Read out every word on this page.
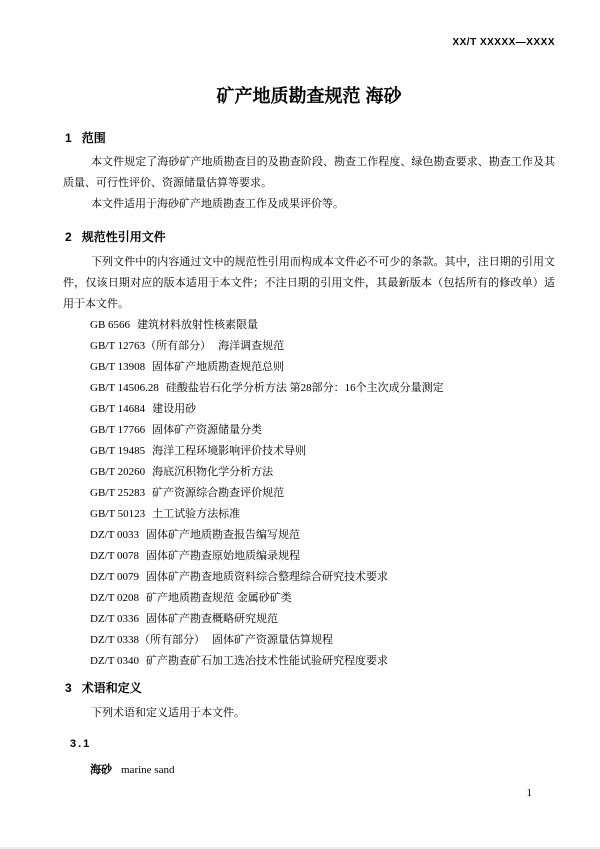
XX/T XXXXX—XXXX
矿产地质勘查规范 海砂
1 范围

本文件规定了海砂矿产地质勘查目的及勘查阶段、勘查工作程度、绿色勘查要求、勘查工作及其质量、可行性评价、资源储量估算等要求。

本文件适用于海砂矿产地质勘查工作及成果评价等。

2 规范性引用文件

下列文件中的内容通过文中的规范性引用而构成本文件必不可少的条款。其中，注日期的引用文件，仅该日期对应的版本适用于本文件；不注日期的引用文件，其最新版本（包括所有的修改单）适用于本文件。

GB 6566 建筑材料放射性核素限量
GB/T 12763（所有部分） 海洋调查规范
GB/T 13908 固体矿产地质勘查规范总则
GB/T 14506.28 硅酸盐岩石化学分析方法 第28部分：16个主次成分量测定
GB/T 14684 建设用砂
GB/T 17766 固体矿产资源储量分类
GB/T 19485 海洋工程环境影响评价技术导则
GB/T 20260 海底沉积物化学分析方法
GB/T 25283 矿产资源综合勘查评价规范
GB/T 50123 土工试验方法标准
DZ/T 0033 固体矿产地质勘查报告编写规范
DZ/T 0078 固体矿产勘查原始地质编录规程
DZ/T 0079 固体矿产勘查地质资料综合整理综合研究技术要求
DZ/T 0208 矿产地质勘查规范 金属砂矿类
DZ/T 0336 固体矿产勘查概略研究规范
DZ/T 0338（所有部分） 固体矿产资源量估算规程
DZ/T 0340 矿产勘查矿石加工选冶技术性能试验研究程度要求
3 术语和定义

下列术语和定义适用于本文件。

3.1
海砂 marine sand
1
